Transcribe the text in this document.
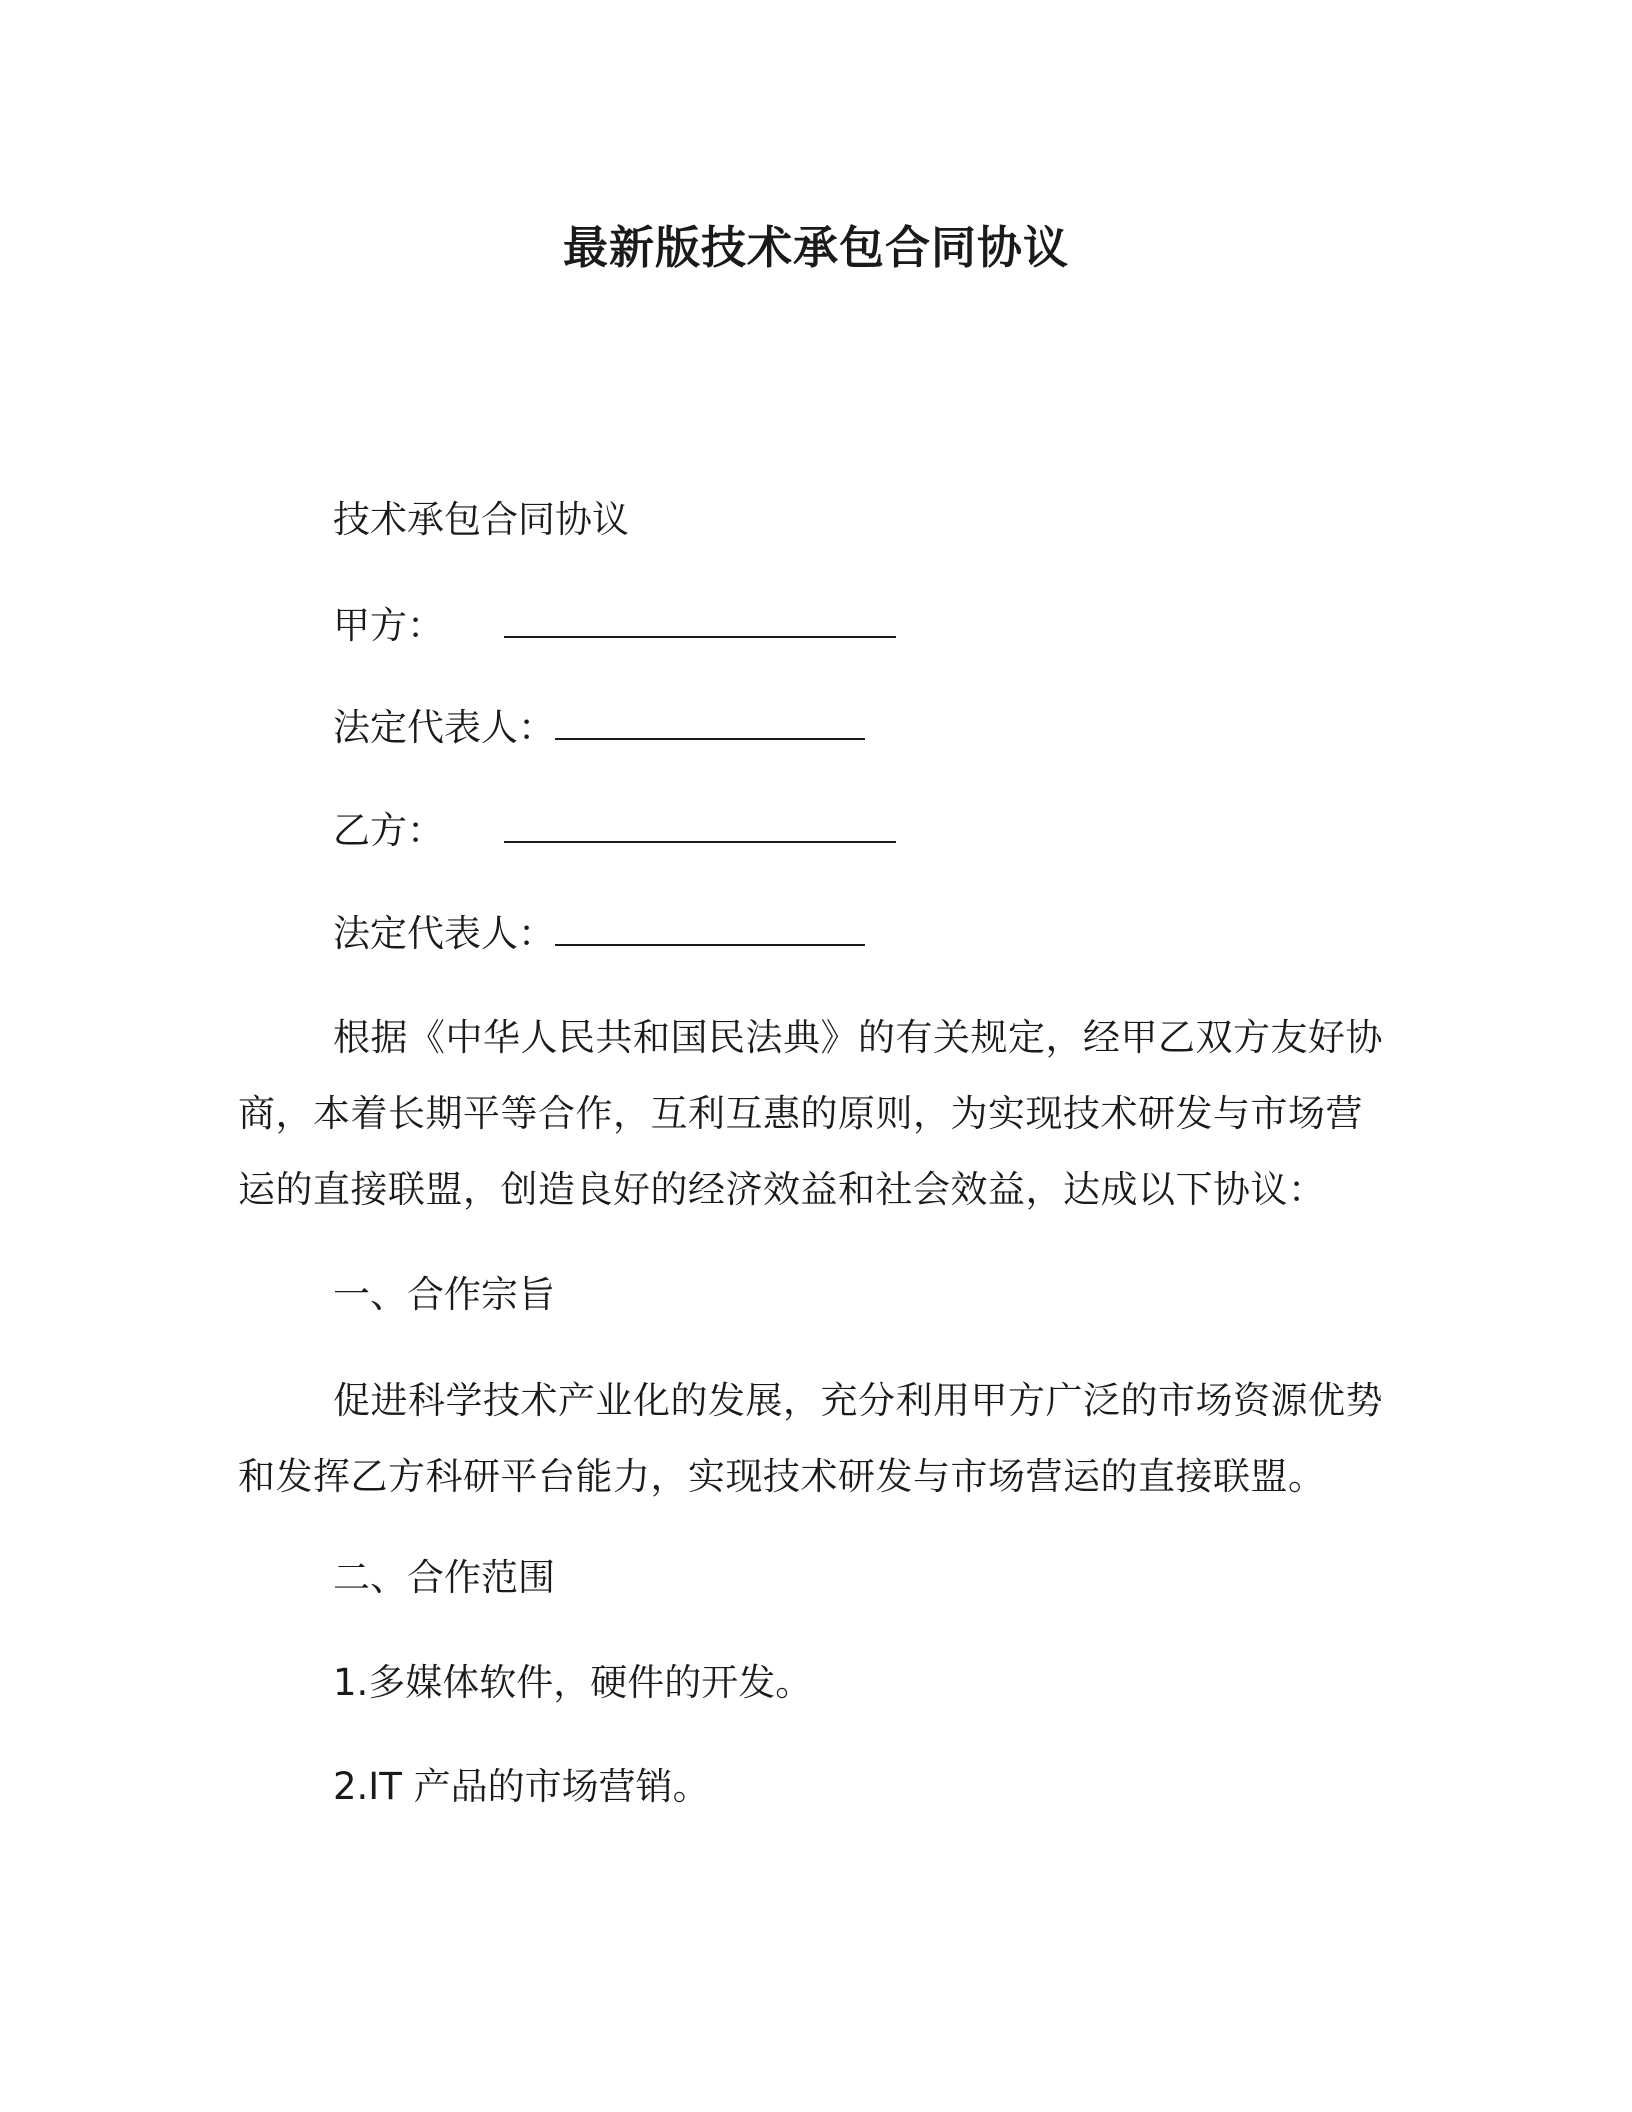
最新版技术承包合同协议
技术承包合同协议
甲方：
法定代表人：
乙方：
法定代表人：
根据《中华人民共和国民法典》的有关规定，经甲乙双方友好协
商，本着长期平等合作，互利互惠的原则，为实现技术研发与市场营
运的直接联盟，创造良好的经济效益和社会效益，达成以下协议：
一、合作宗旨
促进科学技术产业化的发展，充分利用甲方广泛的市场资源优势
和发挥乙方科研平台能力，实现技术研发与市场营运的直接联盟。
二、合作范围
1.多媒体软件，硬件的开发。
2.IT 产品的市场营销。
